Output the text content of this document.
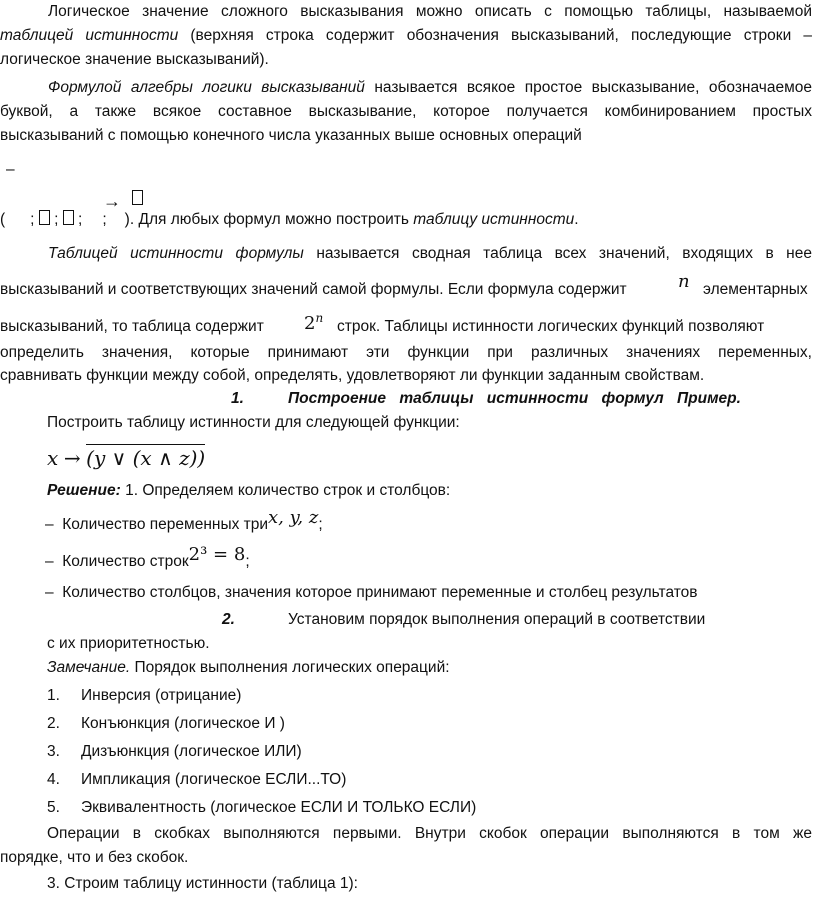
Логическое значение сложного высказывания можно описать с помощью таблицы, называемой
таблицей истинности (верхняя строка содержит обозначения высказываний, последующие строки –
логическое значение высказываний).
Формулой алгебры логики высказываний называется всякое простое высказывание, обозначаемое
буквой, а также всякое составное высказывание, которое получается комбинированием простых
высказываний с помощью конечного числа указанных выше основных операций
–
→
( ; ; ; ; ). Для любых формул можно построить таблицу истинности.
Таблицей истинности формулы называется сводная таблица всех значений, входящих в нее
высказываний и соответствующих значений самой формулы. Если формула содержит	n элементарных
высказываний, то таблица содержит 2$^n$ строк. Таблицы истинности логических функций позволяют
определить значения, которые принимают эти функции при различных значениях переменных,
сравнивать функции между собой, определять, удовлетворяют ли функции заданным свойствам.
1.	Построение таблицы истинности формул Пример.
Построить таблицу истинности для следующей функции:
x → (y ∨ (x ∧ z))
Решение: 1. Определяем количество строк и столбцов:
– Количество переменных триx, y, z;
– Количество строк2³ = 8;
– Количество столбцов, значения которое принимают переменные и столбец результатов
2.	Установим порядок выполнения операций в соответствии
с их приоритетностью.
Замечание. Порядок выполнения логических операций:
1. Инверсия (отрицание)
2. Конъюнкция (логическое И )
3. Дизъюнкция (логическое ИЛИ)
4. Импликация (логическое ЕСЛИ...ТО)
5. Эквивалентность (логическое ЕСЛИ И ТОЛЬКО ЕСЛИ)
Операции в скобках выполняются первыми. Внутри скобок операции выполняются в том же
порядке, что и без скобок.
3. Строим таблицу истинности (таблица 1):
